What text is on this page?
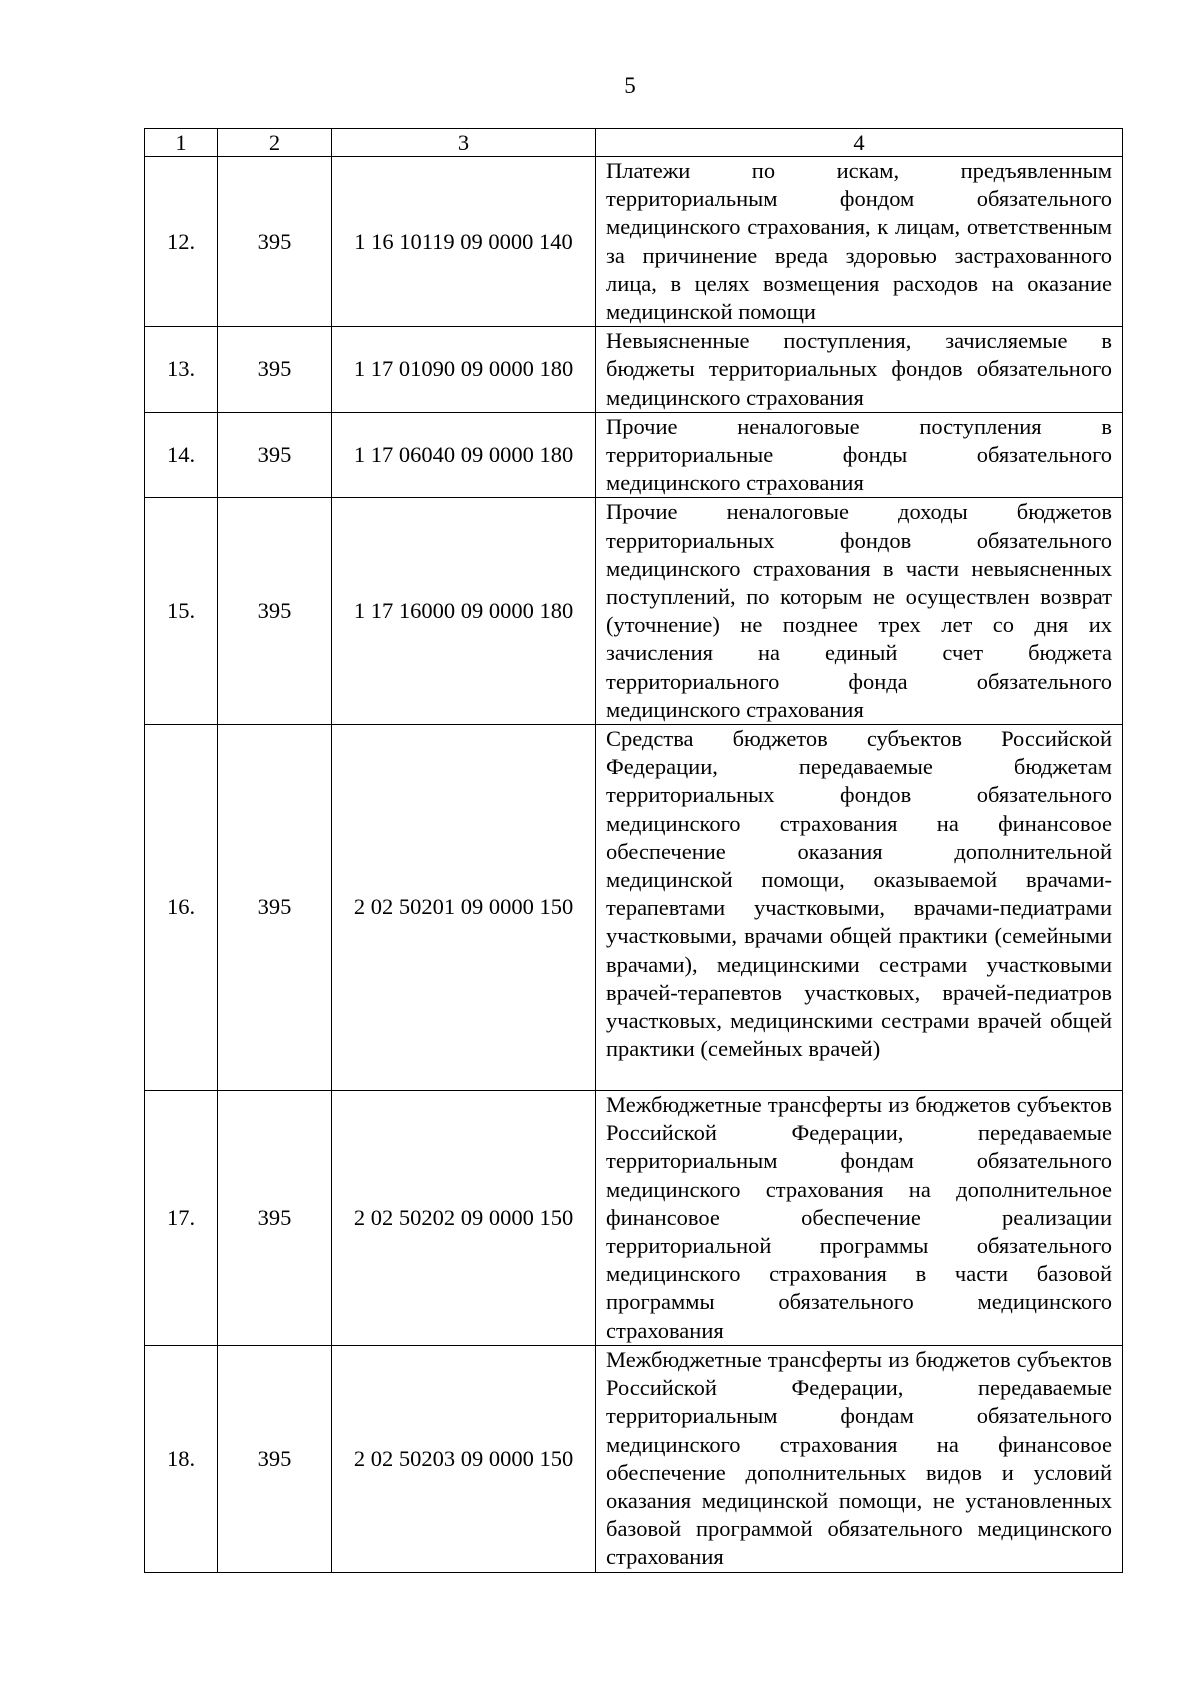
5
1	2	3	4
12.	395	1 16 10119 09 0000 140	Платежи по искам, предъявленным территориальным фондом обязательного медицинского страхования, к лицам, ответственным за причинение вреда здоровью застрахованного лица, в целях возмещения расходов на оказание медицинской помощи
13.	395	1 17 01090 09 0000 180	Невыясненные поступления, зачисляемые в бюджеты территориальных фондов обязательного медицинского страхования
14.	395	1 17 06040 09 0000 180	Прочие неналоговые поступления в территориальные фонды обязательного медицинского страхования
15.	395	1 17 16000 09 0000 180	Прочие неналоговые доходы бюджетов территориальных фондов обязательного медицинского страхования в части невыясненных поступлений, по которым не осуществлен возврат (уточнение) не позднее трех лет со дня их зачисления на единый счет бюджета территориального фонда обязательного медицинского страхования
16.	395	2 02 50201 09 0000 150	Средства бюджетов субъектов Российской Федерации, передаваемые бюджетам территориальных фондов обязательного медицинского страхования на финансовое обеспечение оказания дополнительной медицинской помощи, оказываемой врачами-терапевтами участковыми, врачами-педиатрами участковыми, врачами общей практики (семейными врачами), медицинскими сестрами участковыми врачей-терапевтов участковых, врачей-педиатров участковых, медицинскими сестрами врачей общей практики (семейных врачей)
17.	395	2 02 50202 09 0000 150	Межбюджетные трансферты из бюджетов субъектов Российской Федерации, передаваемые территориальным фондам обязательного медицинского страхования на дополнительное финансовое обеспечение реализации территориальной программы обязательного медицинского страхования в части базовой программы обязательного медицинского страхования
18.	395	2 02 50203 09 0000 150	Межбюджетные трансферты из бюджетов субъектов Российской Федерации, передаваемые территориальным фондам обязательного медицинского страхования на финансовое обеспечение дополнительных видов и условий оказания медицинской помощи, не установленных базовой программой обязательного медицинского страхования
